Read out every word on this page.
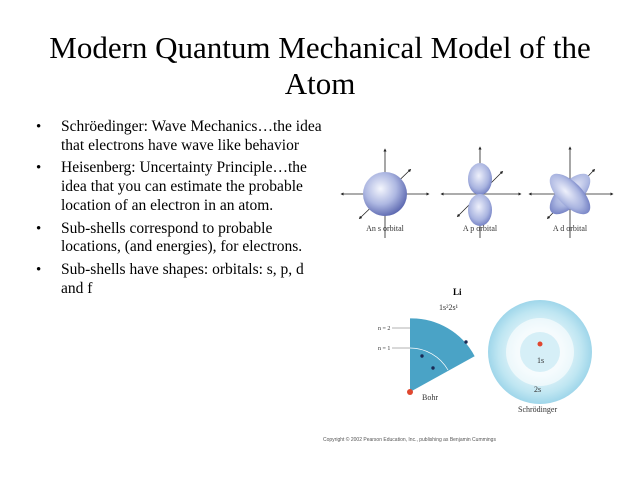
Modern Quantum Mechanical Model of the Atom
• Schröedinger: Wave Mechanics…the idea that electrons have wave like behavior
• Heisenberg: Uncertainty Principle…the idea that you can estimate the probable location of an electron in an atom.
• Sub-shells correspond to probable locations, (and energies), for electrons.
• Sub-shells have shapes: orbitals: s, p, d and f
An s orbital	A p orbital	A d orbital
Li
1s²2s¹
n = 2
n = 1
Bohr
1s
2s
Schrödinger
Copyright © 2002 Pearson Education, Inc., publishing as Benjamin Cummings
